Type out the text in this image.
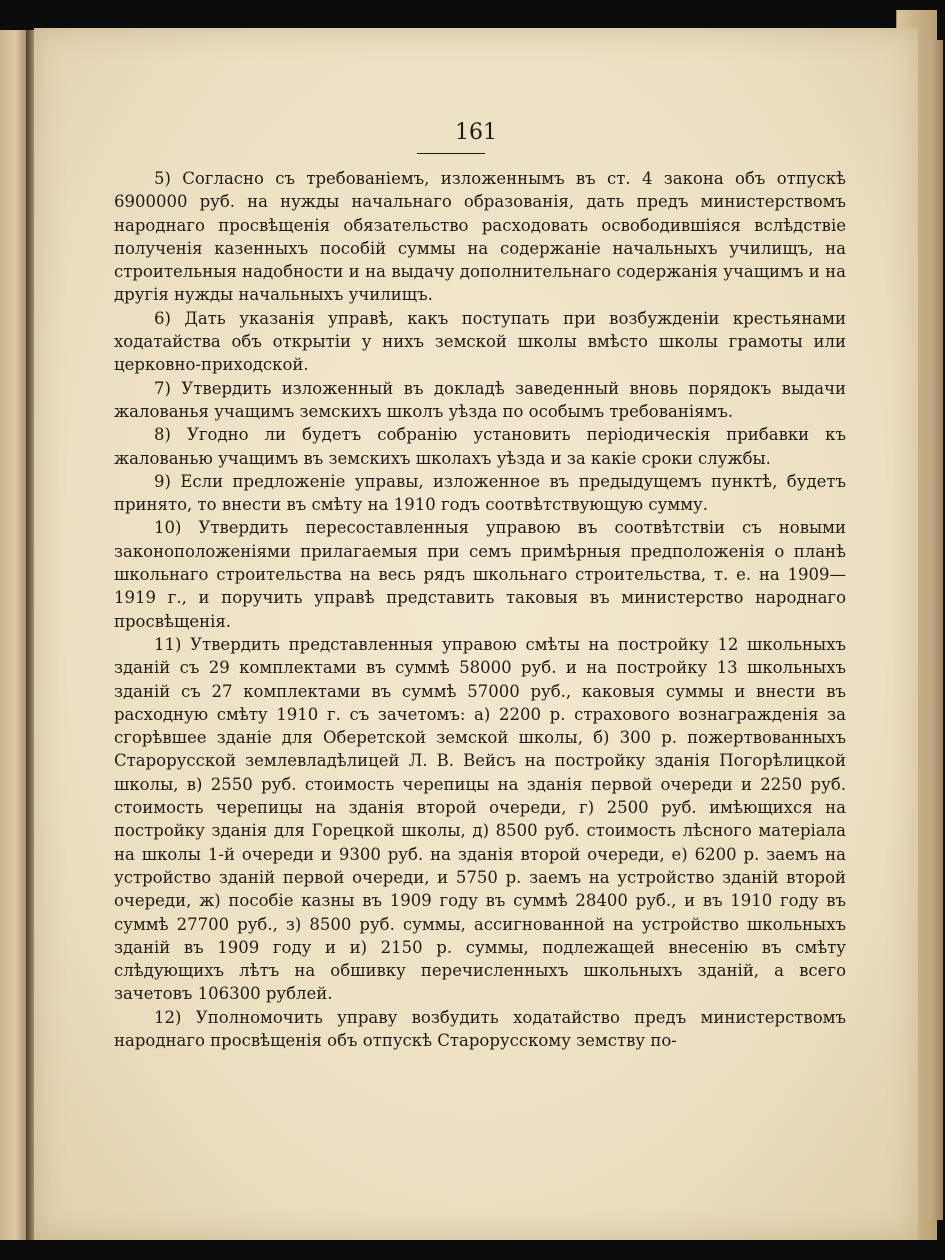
161

5) Согласно съ требованіемъ, изложеннымъ въ ст. 4 закона объ отпускѣ 6900000 руб. на нужды начальнаго образованія, дать предъ министерствомъ народнаго просвѣщенія обязательство расходовать освободившіяся вслѣдствіе полученія казенныхъ пособій суммы на содержаніе начальныхъ училищъ, на строительныя надобности и на выдачу дополнительнаго содержанія учащимъ и на другія нужды начальныхъ училищъ.

6) Дать указанія управѣ, какъ поступать при возбужденіи крестьянами ходатайства объ открытіи у нихъ земской школы вмѣсто школы грамоты или церковно-приходской.

7) Утвердить изложенный въ докладѣ заведенный вновь порядокъ выдачи жалованья учащимъ земскихъ школъ уѣзда по особымъ требованіямъ.

8) Угодно ли будетъ собранію установить періодическія прибавки къ жалованью учащимъ въ земскихъ школахъ уѣзда и за какіе сроки службы.

9) Если предложеніе управы, изложенное въ предыдущемъ пунктѣ, будетъ принято, то внести въ смѣту на 1910 годъ соотвѣтствующую сумму.

10) Утвердить пересоставленныя управою въ соотвѣтствіи съ новыми законоположеніями прилагаемыя при семъ примѣрныя предположенія о планѣ школьнаго строительства на весь рядъ школьнаго строительства, т. е. на 1909—1919 г., и поручить управѣ представить таковыя въ министерство народнаго просвѣщенія.

11) Утвердить представленныя управою смѣты на постройку 12 школьныхъ зданій съ 29 комплектами въ суммѣ 58000 руб. и на постройку 13 школьныхъ зданій съ 27 комплектами въ суммѣ 57000 руб., каковыя суммы и внести въ расходную смѣту 1910 г. съ зачетомъ: а) 2200 р. страхового вознагражденія за сгорѣвшее зданіе для Оберетской земской школы, б) 300 р. пожертвованныхъ Старорусской землевладѣлицей Л. В. Вейсъ на постройку зданія Погорѣлицкой школы, в) 2550 руб. стоимость черепицы на зданія первой очереди и 2250 руб. стоимость черепицы на зданія второй очереди, г) 2500 руб. имѣющихся на постройку зданія для Горецкой школы, д) 8500 руб. стоимость лѣсного матеріала на школы 1-й очереди и 9300 руб. на зданія второй очереди, е) 6200 р. заемъ на устройство зданій первой очереди, и 5750 р. заемъ на устройство зданій второй очереди, ж) пособіе казны въ 1909 году въ суммѣ 28400 руб., и въ 1910 году въ суммѣ 27700 руб., з) 8500 руб. суммы, ассигнованной на устройство школьныхъ зданій въ 1909 году и и) 2150 р. суммы, подлежащей внесенію въ смѣту слѣдующихъ лѣтъ на обшивку перечисленныхъ школьныхъ зданій, а всего зачетовъ 106300 рублей.

12) Уполномочить управу возбудить ходатайство предъ министерствомъ народнаго просвѣщенія объ отпускѣ Старорусскому земству по-
